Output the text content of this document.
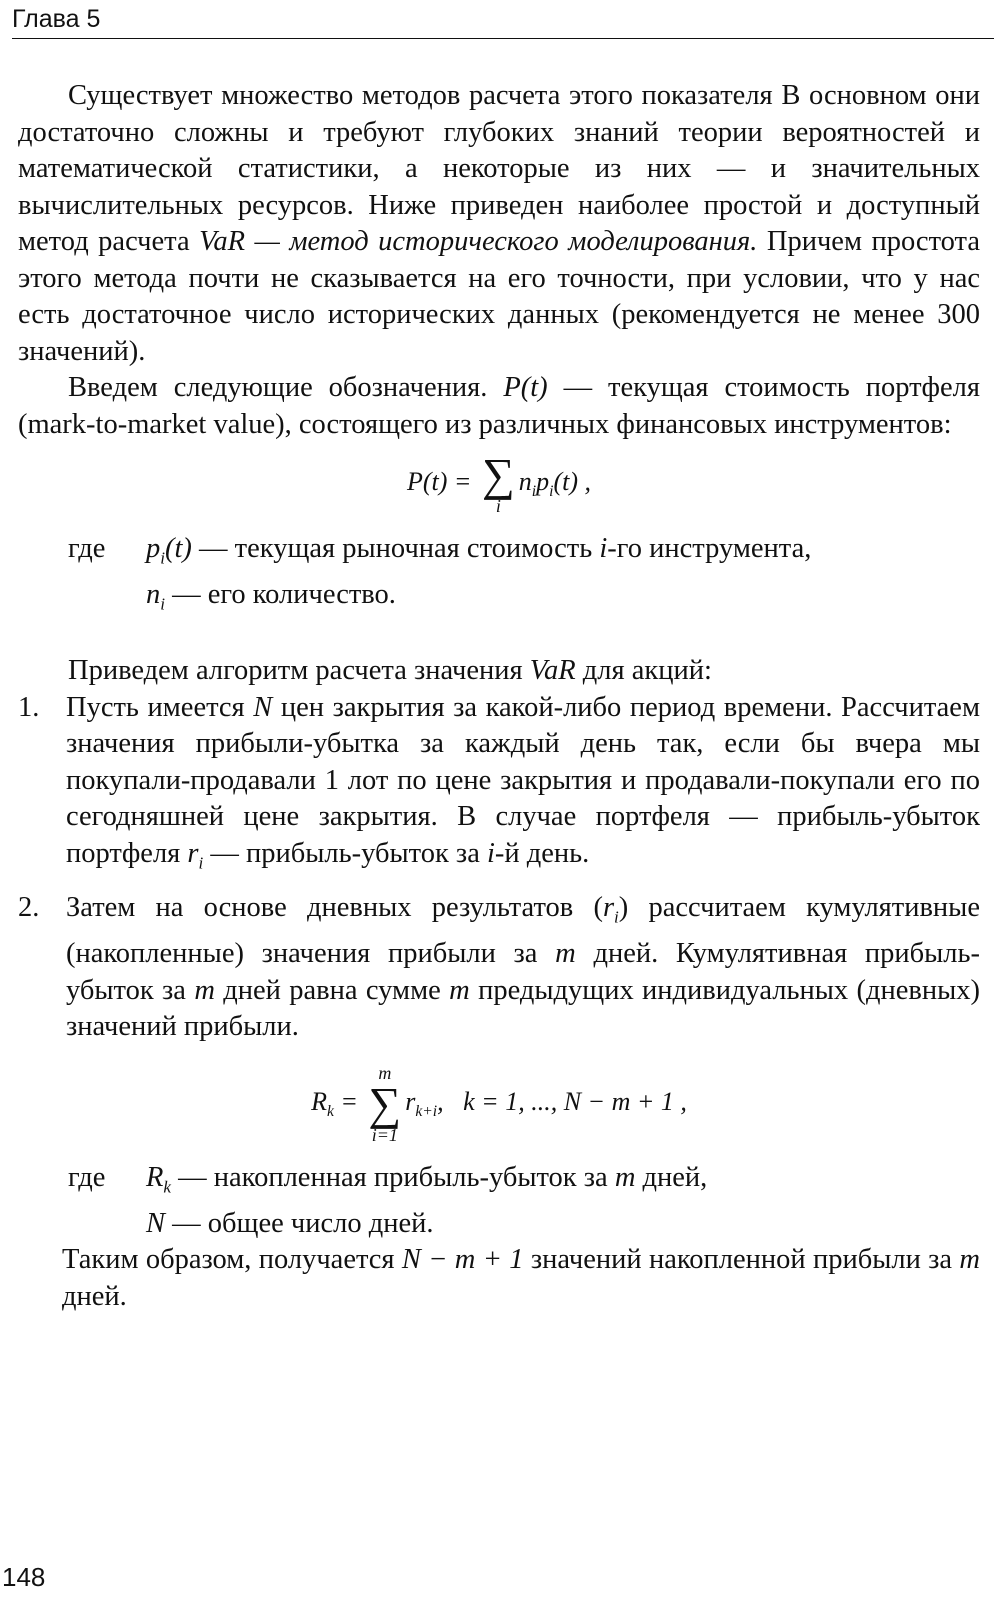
Глава 5

Существует множество методов расчета этого показателя В основном они достаточно сложны и требуют глубоких знаний теории вероятностей и математической статистики, а некоторые из них — и значительных вычислительных ресурсов. Ниже приведен наиболее простой и доступный метод расчета VaR — метод исторического моделирования. Причем простота этого метода почти не сказывается на его точности, при условии, что у нас есть достаточное число исторических данных (рекомендуется не менее 300 значений).

Введем следующие обозначения. P(t) — текущая стоимость портфеля (mark-to-market value), состоящего из различных финансовых инструментов:

P(t) = ∑
i
$n_ip_i(t)$ ,
где	$p_i(t)$ — текущая рыночная стоимость i-го инструмента,
$n_i$ — его количество.

Приведем алгоритм расчета значения VaR для акций:

1. Пусть имеется N цен закрытия за какой-либо период времени. Рассчитаем значения прибыли-убытка за каждый день так, если бы вчера мы покупали-продавали 1 лот по цене закрытия и продавали-покупали его по сегодняшней цене закрытия. В случае портфеля — прибыль-убыток портфеля $r_i$ — прибыль-убыток за i-й день.
2. Затем на основе дневных результатов $(r_i)$ рассчитаем кумулятивные (накопленные) значения прибыли за m дней. Кумулятивная прибыль-убыток за m дней равна сумме m предыдущих индивидуальных (дневных) значений прибыли.
$R_k$ =
m
∑
i=1
$r_{k+i}$,   k = 1, ..., N − m + 1 ,
где	$R_k$ — накопленная прибыль-убыток за m дней,
N — общее число дней.

Таким образом, получается N − m + 1 значений накопленной прибыли за m дней.

148
